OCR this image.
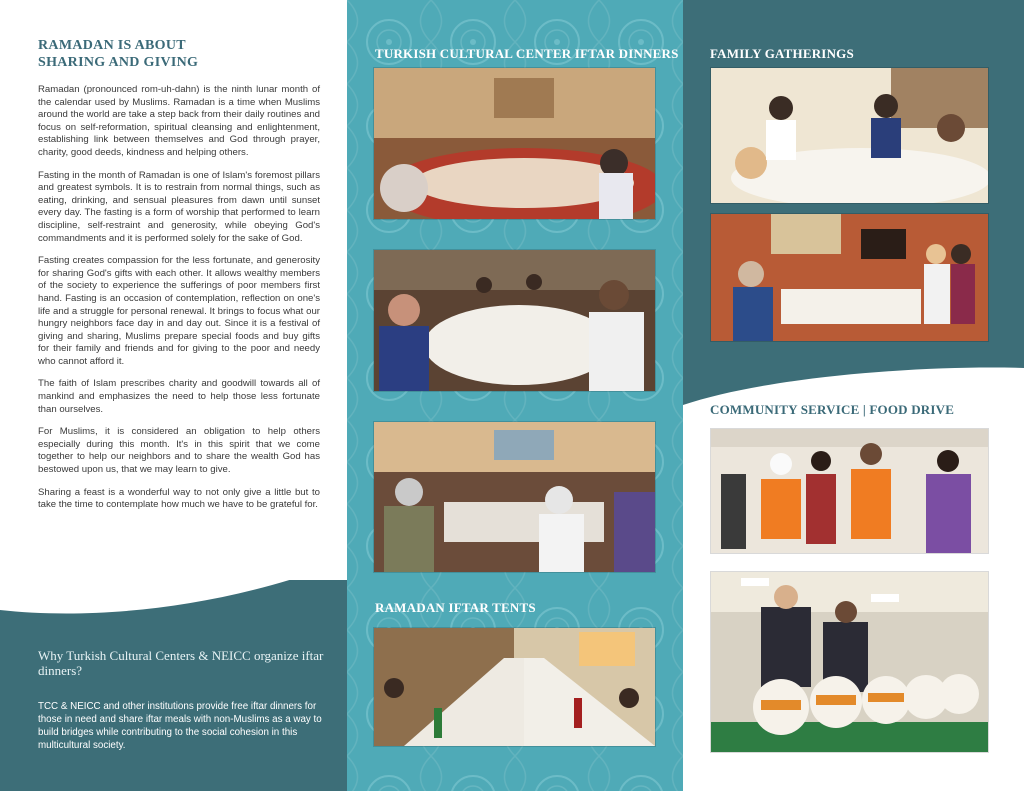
RAMADAN IS ABOUT
SHARING AND GIVING

Ramadan (pronounced rom-uh-dahn) is the ninth lunar month of the calendar used by Muslims. Ramadan is a time when Muslims around the world are take a step back from their daily routines and focus on self-reformation, spiritual cleansing and enlightenment, establishing link between themselves and God through prayer, charity, good deeds, kindness and helping others.

Fasting in the month of Ramadan is one of Islam's foremost pillars and greatest symbols. It is to restrain from normal things, such as eating, drinking, and sensual pleasures from dawn until sunset every day. The fasting is a form of worship that performed to learn discipline, self-restraint and generosity, while obeying God's commandments and it is performed solely for the sake of God.

Fasting creates compassion for the less fortunate, and generosity for sharing God's gifts with each other. It allows wealthy members of the society to experience the sufferings of poor members first hand. Fasting is an occasion of contemplation, reflection on one's life and a struggle for personal renewal. It brings to focus what our hungry neighbors face day in and day out. Since it is a festival of giving and sharing, Muslims prepare special foods and buy gifts for their family and friends and for giving to the poor and needy who cannot afford it.

The faith of Islam prescribes charity and goodwill towards all of mankind and emphasizes the need to help those less fortunate than ourselves.

For Muslims, it is considered an obligation to help others especially during this month. It's in this spirit that we come together to help our neighbors and to share the wealth God has bestowed upon us, that we may learn to give.

Sharing a feast is a wonderful way to not only give a little but to take the time to contemplate how much we have to be grateful for.

Why Turkish Cultural Centers & NEICC organize iftar dinners?

TCC & NEICC and other institutions provide free iftar dinners for those in need and share iftar meals with non-Muslims as a way to build bridges while contributing to the social cohesion in this multicultural society.

TURKISH CULTURAL CENTER IFTAR DINNERS
RAMADAN IFTAR TENTS
FAMILY GATHERINGS
COMMUNITY SERVICE | FOOD DRIVE
